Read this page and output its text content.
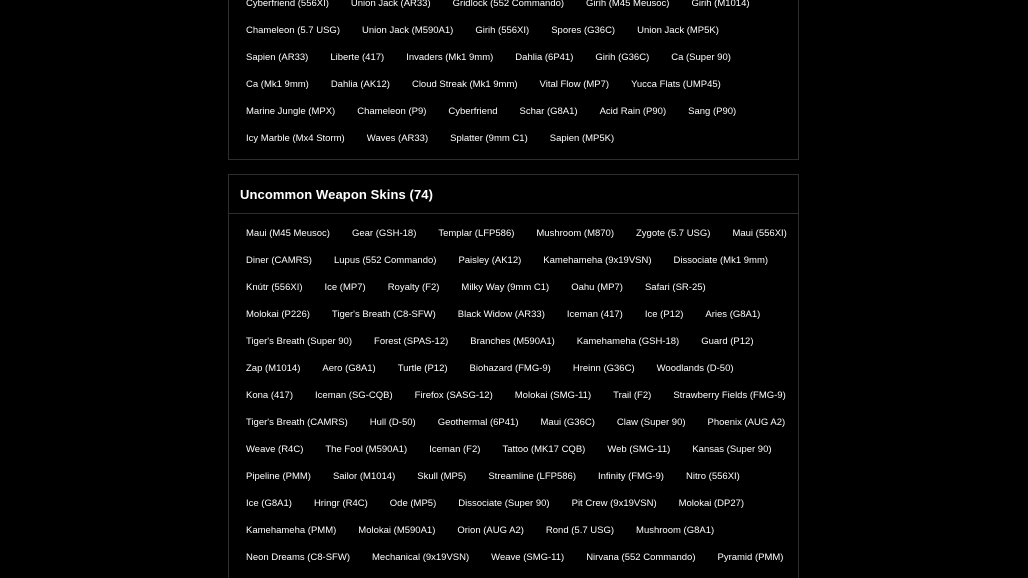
Cyberfriend (556XI)	Union Jack (AR33)	Gridlock (552 Commando)	Girih (M45 Meusoc)	Girih (M1014)
Chameleon (5.7 USG)	Union Jack (M590A1)	Girih (556XI)	Spores (G36C)	Union Jack (MP5K)
Sapien (AR33)	Liberte (417)	Invaders (Mk1 9mm)	Dahlia (6P41)	Girih (G36C)	Ca (Super 90)
Ca (Mk1 9mm)	Dahlia (AK12)	Cloud Streak (Mk1 9mm)	Vital Flow (MP7)	Yucca Flats (UMP45)
Marine Jungle (MPX)	Chameleon (P9)	Cyberfriend	Schar (G8A1)	Acid Rain (P90)	Sang (P90)
Icy Marble (Mx4 Storm)	Waves (AR33)	Splatter (9mm C1)	Sapien (MP5K)
Uncommon Weapon Skins (74)
Maui (M45 Meusoc)	Gear (GSH-18)	Templar (LFP586)	Mushroom (M870)	Zygote (5.7 USG)	Maui (556XI)
Diner (CAMRS)	Lupus (552 Commando)	Paisley (AK12)	Kamehameha (9x19VSN)	Dissociate (Mk1 9mm)
Knútr (556XI)	Ice (MP7)	Royalty (F2)	Milky Way (9mm C1)	Oahu (MP7)	Safari (SR-25)
Molokai (P226)	Tiger's Breath (C8-SFW)	Black Widow (AR33)	Iceman (417)	Ice (P12)	Aries (G8A1)
Tiger's Breath (Super 90)	Forest (SPAS-12)	Branches (M590A1)	Kamehameha (GSH-18)	Guard (P12)
Zap (M1014)	Aero (G8A1)	Turtle (P12)	Biohazard (FMG-9)	Hreinn (G36C)	Woodlands (D-50)
Kona (417)	Iceman (SG-CQB)	Firefox (SASG-12)	Molokai (SMG-11)	Trail (F2)	Strawberry Fields (FMG-9)
Tiger's Breath (CAMRS)	Hull (D-50)	Geothermal (6P41)	Maui (G36C)	Claw (Super 90)	Phoenix (AUG A2)
Weave (R4C)	The Fool (M590A1)	Iceman (F2)	Tattoo (MK17 CQB)	Web (SMG-11)	Kansas (Super 90)
Pipeline (PMM)	Sailor (M1014)	Skull (MP5)	Streamline (LFP586)	Infinity (FMG-9)	Nitro (556XI)
Ice (G8A1)	Hringr (R4C)	Ode (MP5)	Dissociate (Super 90)	Pit Crew (9x19VSN)	Molokai (DP27)
Kamehameha (PMM)	Molokai (M590A1)	Orion (AUG A2)	Rond (5.7 USG)	Mushroom (G8A1)
Neon Dreams (C8-SFW)	Mechanical (9x19VSN)	Weave (SMG-11)	Nirvana (552 Commando)	Pyramid (PMM)
